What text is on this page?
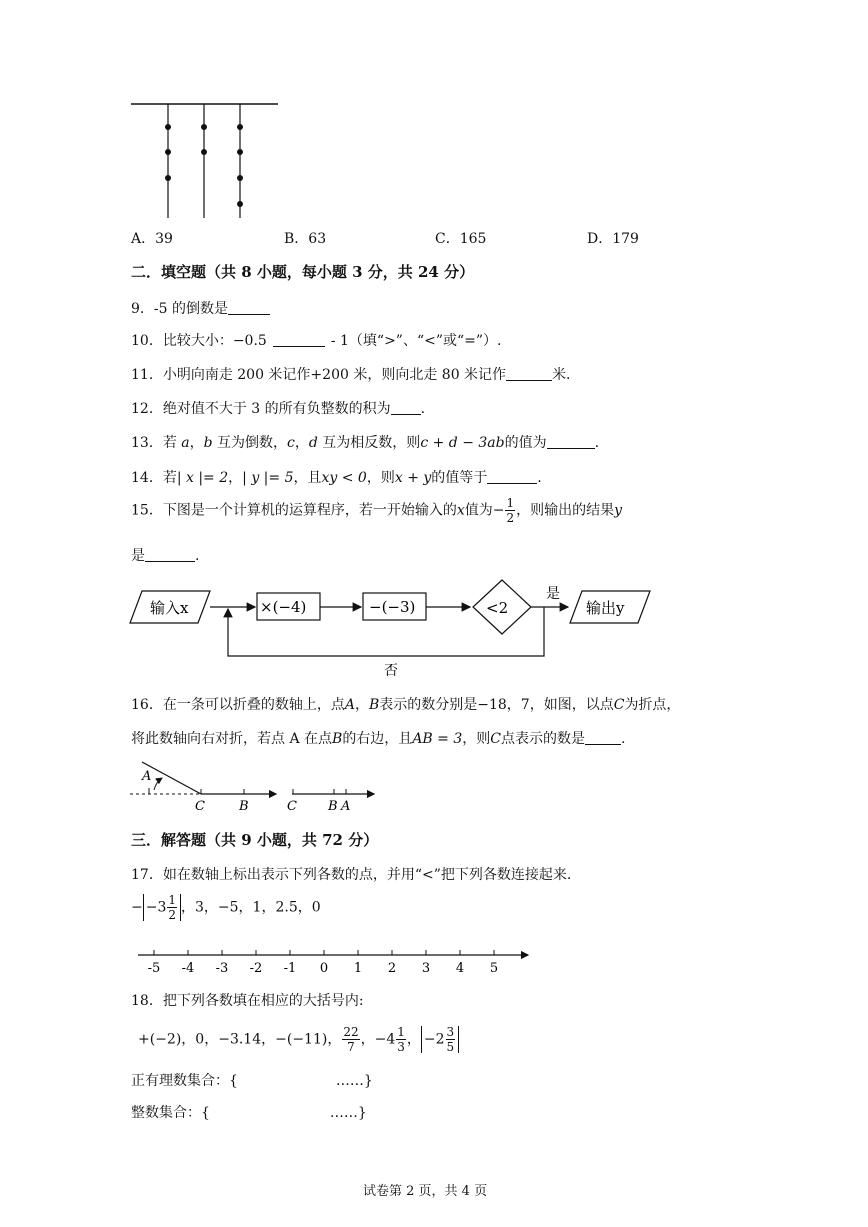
A．39	B．63	C．165	D．179
二．填空题（共 8 小题，每小题 3 分，共 24 分）
9．-5 的倒数是
10．比较大小：−0.5	- 1（填“>”、“<”或“=”）.
11．小明向南走 200 米记作+200 米，则向北走 80 米记作	米.
12．绝对值不大于 3 的所有负整数的积为 .
13．若 a，b 互为倒数，c，d 互为相反数，则c + d − 3ab的值为	.
14．若| x |= 2，| y |= 5，且xy < 0，则x + y的值等于	.
15．下图是一个计算机的运算程序，若一开始输入的x值为− $\frac{1}{2}$ ，则输出的结果y
是	.
输入x	×(−4)	−(−3)	<2
是
输出y
否
16．在一条可以折叠的数轴上，点A，B表示的数分别是−18，7，如图，以点C为折点，
将此数轴向右对折，若点 A 在点B的右边，且AB = 3，则C点表示的数是	.
A
C	B	C B A
三．解答题（共 9 小题，共 72 分）
17．如在数轴上标出表示下列各数的点，并用“<”把下列各数连接起来.
− $-3 \frac{1}{2}$ ，3，−5，1，2.5，0
-5 -4 -3 -2 -1 0 1 2 3 4 5
18．把下列各数填在相应的大括号内:
+(−2)，0，−3.14，−(−11)， $\frac{22}{7}$ ，$-4 \frac{1}{3}$ ， $-2 \frac{3}{5}$
正有理数集合：{	……}
整数集合：{	……}
试卷第 2 页，共 4 页
